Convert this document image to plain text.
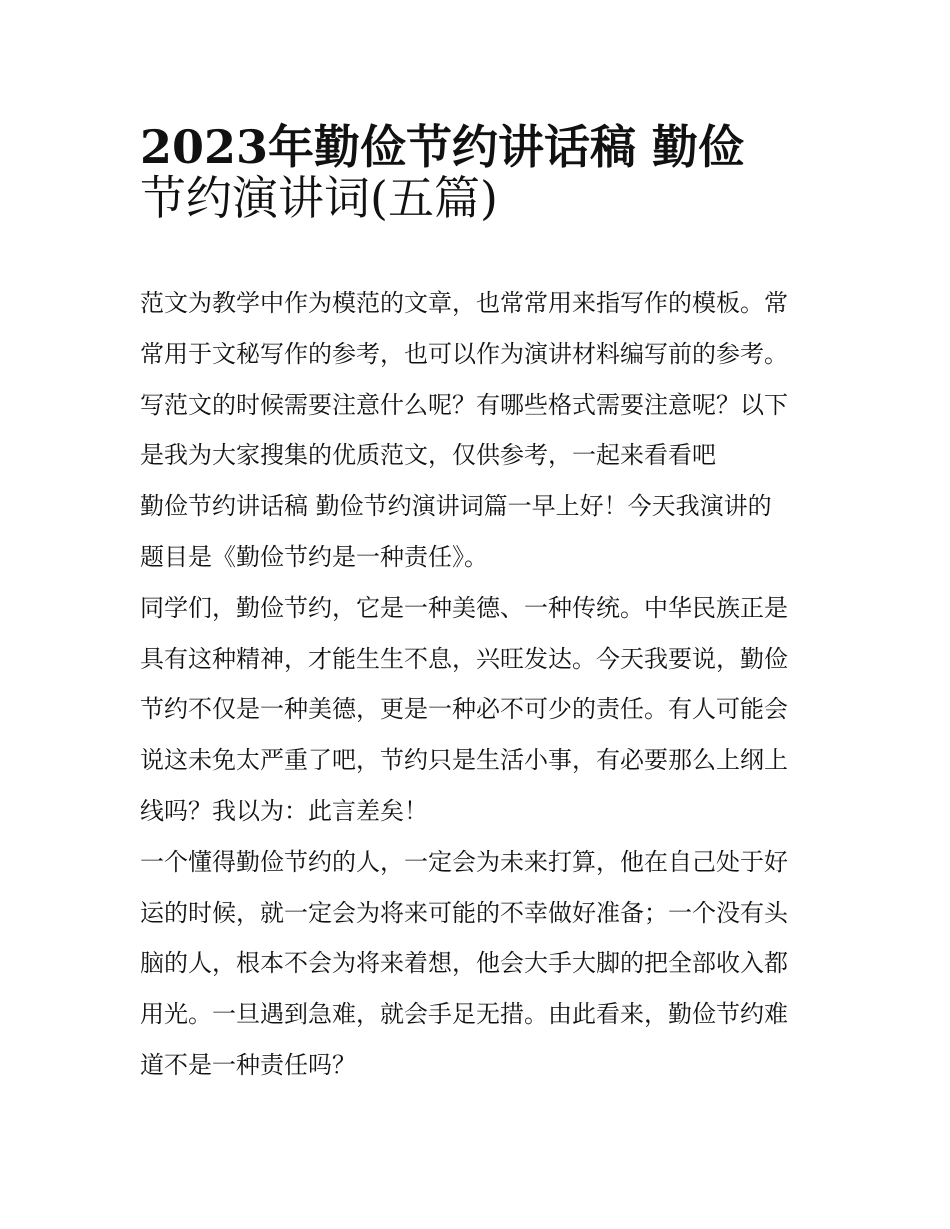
2023年勤俭节约讲话稿 勤俭
节约演讲词(五篇)

范文为教学中作为模范的文章，也常常用来指写作的模板。常
常用于文秘写作的参考，也可以作为演讲材料编写前的参考。
写范文的时候需要注意什么呢？有哪些格式需要注意呢？以下
是我为大家搜集的优质范文，仅供参考，一起来看看吧

勤俭节约讲话稿 勤俭节约演讲词篇一早上好！今天我演讲的
题目是《勤俭节约是一种责任》。

同学们，勤俭节约，它是一种美德、一种传统。中华民族正是
具有这种精神，才能生生不息，兴旺发达。今天我要说，勤俭
节约不仅是一种美德，更是一种必不可少的责任。有人可能会
说这未免太严重了吧，节约只是生活小事，有必要那么上纲上
线吗？我以为：此言差矣！

一个懂得勤俭节约的人，一定会为未来打算，他在自己处于好
运的时候，就一定会为将来可能的不幸做好准备；一个没有头
脑的人，根本不会为将来着想，他会大手大脚的把全部收入都
用光。一旦遇到急难，就会手足无措。由此看来，勤俭节约难
道不是一种责任吗？
